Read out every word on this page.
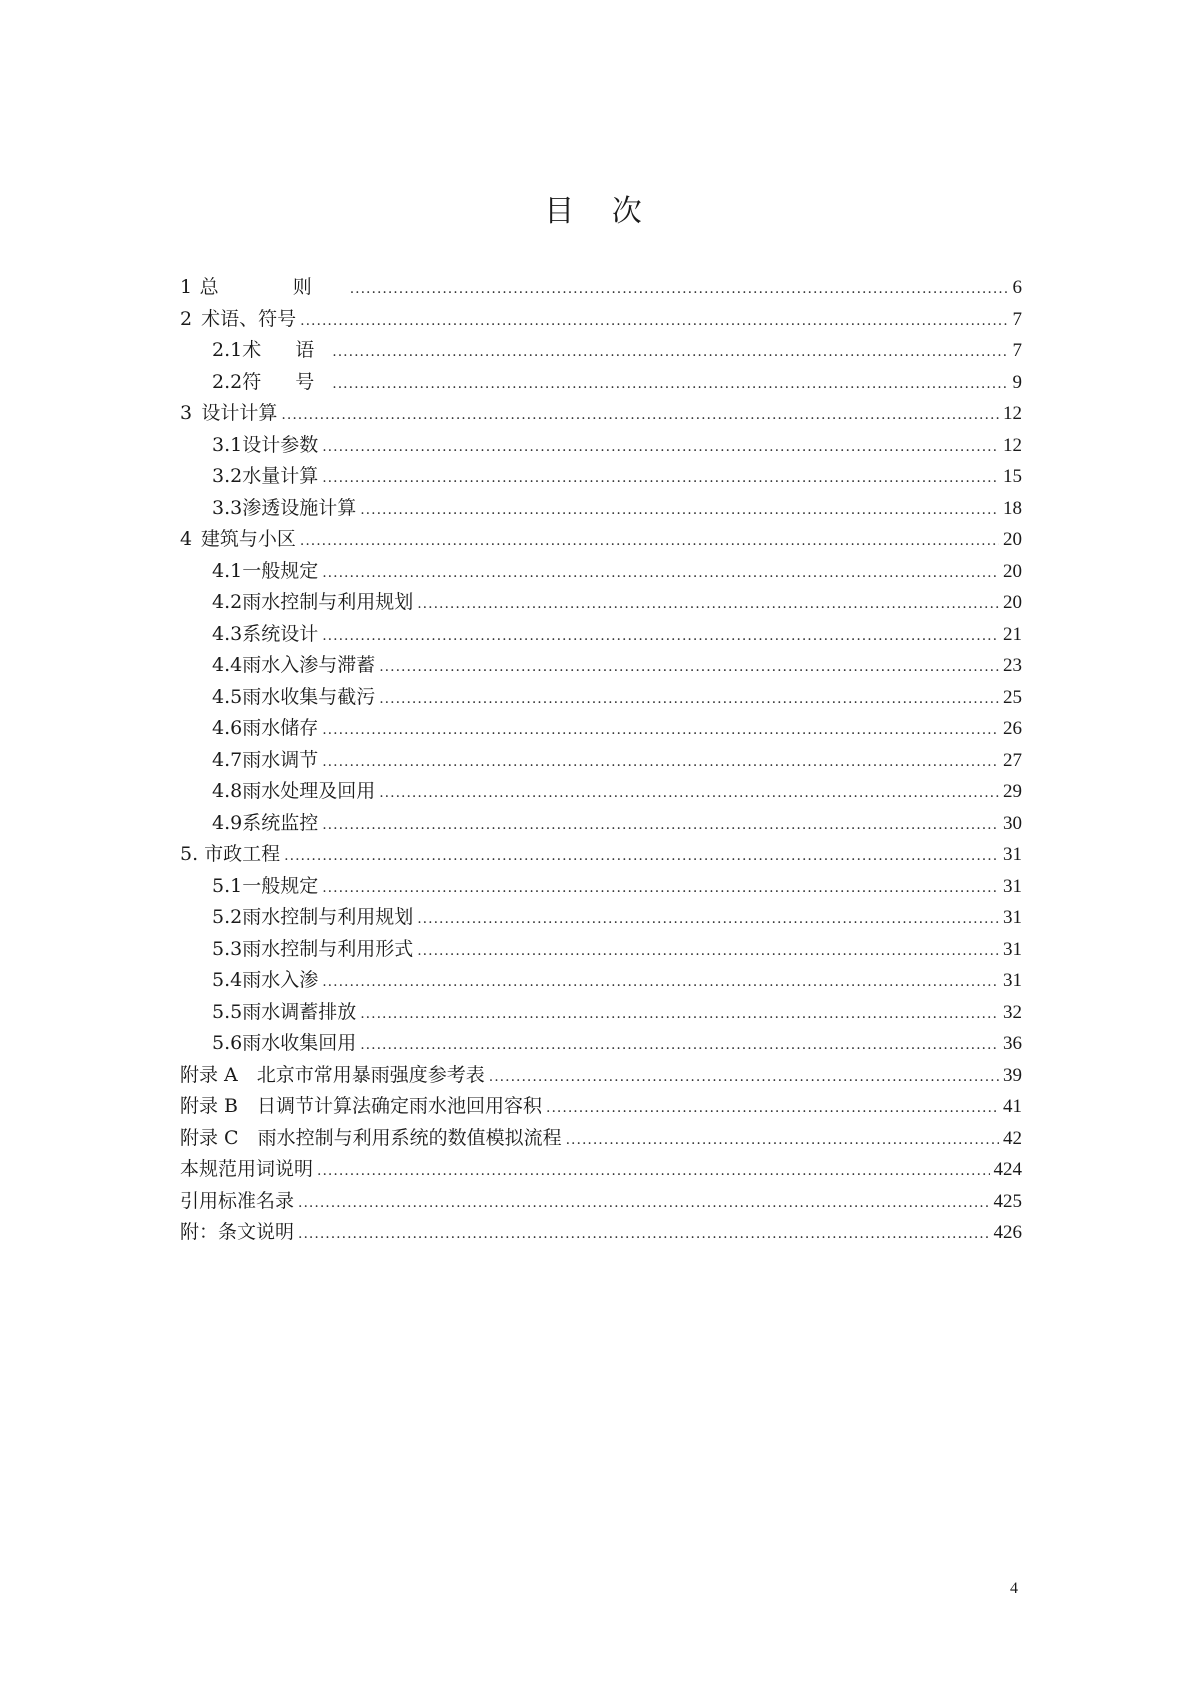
目 次
1 总 则 .....	6
2 术语、符号 .....	7
2.1 术 语 .....	7
2.2 符 号 .....	9
3 设计计算 .....	12
3.1 设计参数 .....	12
3.2 水量计算 .....	15
3.3 渗透设施计算 .....	18
4 建筑与小区 .....	20
4.1 一般规定 .....	20
4.2 雨水控制与利用规划 .....	20
4.3 系统设计 .....	21
4.4 雨水入渗与滞蓄 .....	23
4.5 雨水收集与截污 .....	25
4.6 雨水储存 .....	26
4.7 雨水调节 .....	27
4.8 雨水处理及回用 .....	29
4.9 系统监控 .....	30
5. 市政工程 .....	31
5.1 一般规定 .....	31
5.2 雨水控制与利用规划 .....	31
5.3 雨水控制与利用形式 .....	31
5.4 雨水入渗 .....	31
5.5 雨水调蓄排放 .....	32
5.6 雨水收集回用 .....	36
附录 A　北京市常用暴雨强度参考表 .....	39
附录 B　日调节计算法确定雨水池回用容积 .....	41
附录 C　雨水控制与利用系统的数值模拟流程 .....	42
本规范用词说明 .....	424
引用标准名录 .....	425
附：条文说明 .....	426
4
